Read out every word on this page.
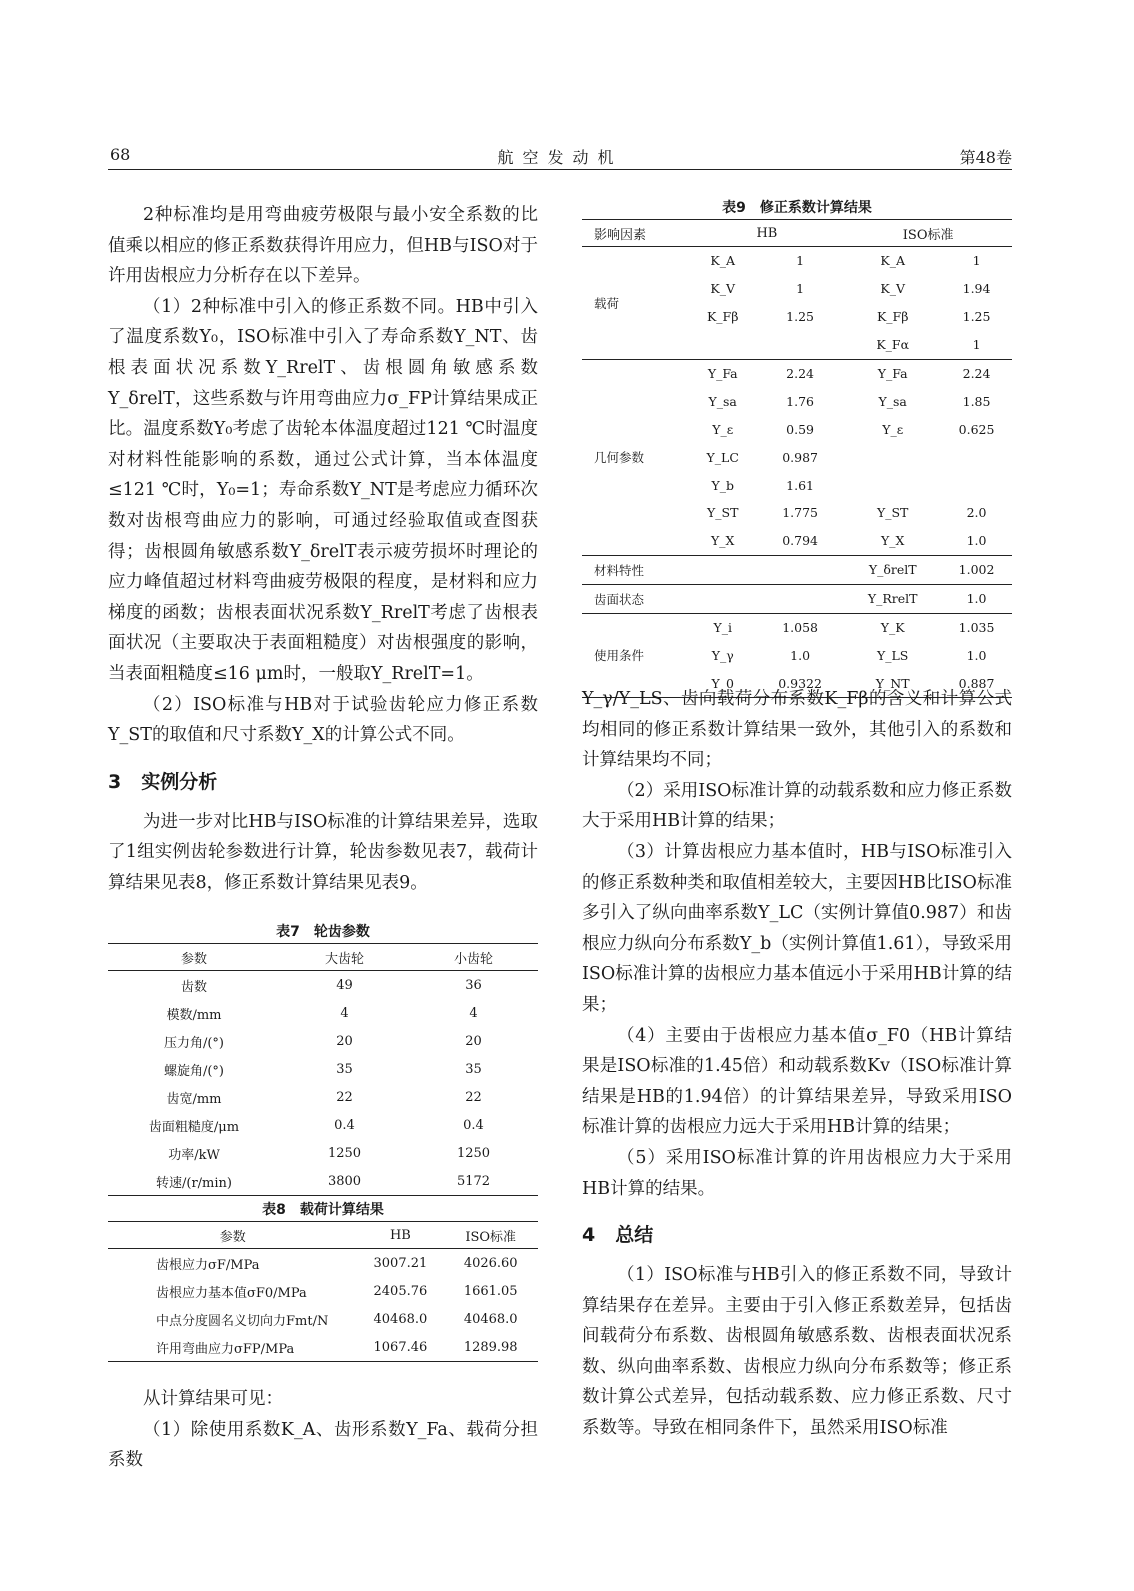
68	航空发动机	第48卷

2种标准均是用弯曲疲劳极限与最小安全系数的比值乘以相应的修正系数获得许用应力，但HB与ISO对于许用齿根应力分析存在以下差异。

（1）2种标准中引入的修正系数不同。HB中引入了温度系数Y₀，ISO标准中引入了寿命系数Y_NT、齿根表面状况系数Y_RrelT、齿根圆角敏感系数Y_δrelT，这些系数与许用弯曲应力σ_FP计算结果成正比。温度系数Y₀考虑了齿轮本体温度超过121 ℃时温度对材料性能影响的系数，通过公式计算，当本体温度≤121 ℃时，Y₀=1；寿命系数Y_NT是考虑应力循环次数对齿根弯曲应力的影响，可通过经验取值或查图获得；齿根圆角敏感系数Y_δrelT表示疲劳损坏时理论的应力峰值超过材料弯曲疲劳极限的程度，是材料和应力梯度的函数；齿根表面状况系数Y_RrelT考虑了齿根表面状况（主要取决于表面粗糙度）对齿根强度的影响，当表面粗糙度≤16 μm时，一般取Y_RrelT=1。

（2）ISO标准与HB对于试验齿轮应力修正系数Y_ST的取值和尺寸系数Y_X的计算公式不同。

3 实例分析

为进一步对比HB与ISO标准的计算结果差异，选取了1组实例齿轮参数进行计算，轮齿参数见表7，载荷计算结果见表8，修正系数计算结果见表9。

表7　轮齿参数
参数	大齿轮	小齿轮
齿数	49	36
模数/mm	4	4
压力角/(°)	20	20
螺旋角/(°)	35	35
齿宽/mm	22	22
齿面粗糙度/μm	0.4	0.4
功率/kW	1250	1250
转速/(r/min)	3800	5172
表8　载荷计算结果
参数	HB	ISO标准
齿根应力σF/MPa	3007.21	4026.60
齿根应力基本值σF0/MPa	2405.76	1661.05
中点分度圆名义切向力Fmt/N	40468.0	40468.0
许用弯曲应力σFP/MPa	1067.46	1289.98

从计算结果可见：

（1）除使用系数K_A、齿形系数Y_Fa、载荷分担系数

表9　修正系数计算结果
影响因素	HB		ISO标准	
载荷	K_A	1	K_A	1
	K_V	1	K_V	1.94
	K_Fβ	1.25	K_Fβ	1.25
			K_Fα	1
几何参数	Y_Fa	2.24	Y_Fa	2.24
	Y_sa	1.76	Y_sa	1.85
	Y_ε	0.59	Y_ε	0.625
	Y_LC	0.987		
	Y_b	1.61		
	Y_ST	1.775	Y_ST	2.0
	Y_X	0.794	Y_X	1.0
材料特性			Y_δrelT	1.002
齿面状态			Y_RrelT	1.0
使用条件	Y_i	1.058	Y_K	1.035
	Y_γ	1.0	Y_LS	1.0
	Y_0	0.9322	Y_NT	0.887

Y_γ/Y_LS、齿向载荷分布系数K_Fβ的含义和计算公式均相同的修正系数计算结果一致外，其他引入的系数和计算结果均不同；

（2）采用ISO标准计算的动载系数和应力修正系数大于采用HB计算的结果；

（3）计算齿根应力基本值时，HB与ISO标准引入的修正系数种类和取值相差较大，主要因HB比ISO标准多引入了纵向曲率系数Y_LC（实例计算值0.987）和齿根应力纵向分布系数Y_b（实例计算值1.61），导致采用ISO标准计算的齿根应力基本值远小于采用HB计算的结果；

（4）主要由于齿根应力基本值σ_F0（HB计算结果是ISO标准的1.45倍）和动载系数Kv（ISO标准计算结果是HB的1.94倍）的计算结果差异，导致采用ISO标准计算的齿根应力远大于采用HB计算的结果；

（5）采用ISO标准计算的许用齿根应力大于采用HB计算的结果。

4 总结

（1）ISO标准与HB引入的修正系数不同，导致计算结果存在差异。主要由于引入修正系数差异，包括齿间载荷分布系数、齿根圆角敏感系数、齿根表面状况系数、纵向曲率系数、齿根应力纵向分布系数等；修正系数计算公式差异，包括动载系数、应力修正系数、尺寸系数等。导致在相同条件下，虽然采用ISO标准
